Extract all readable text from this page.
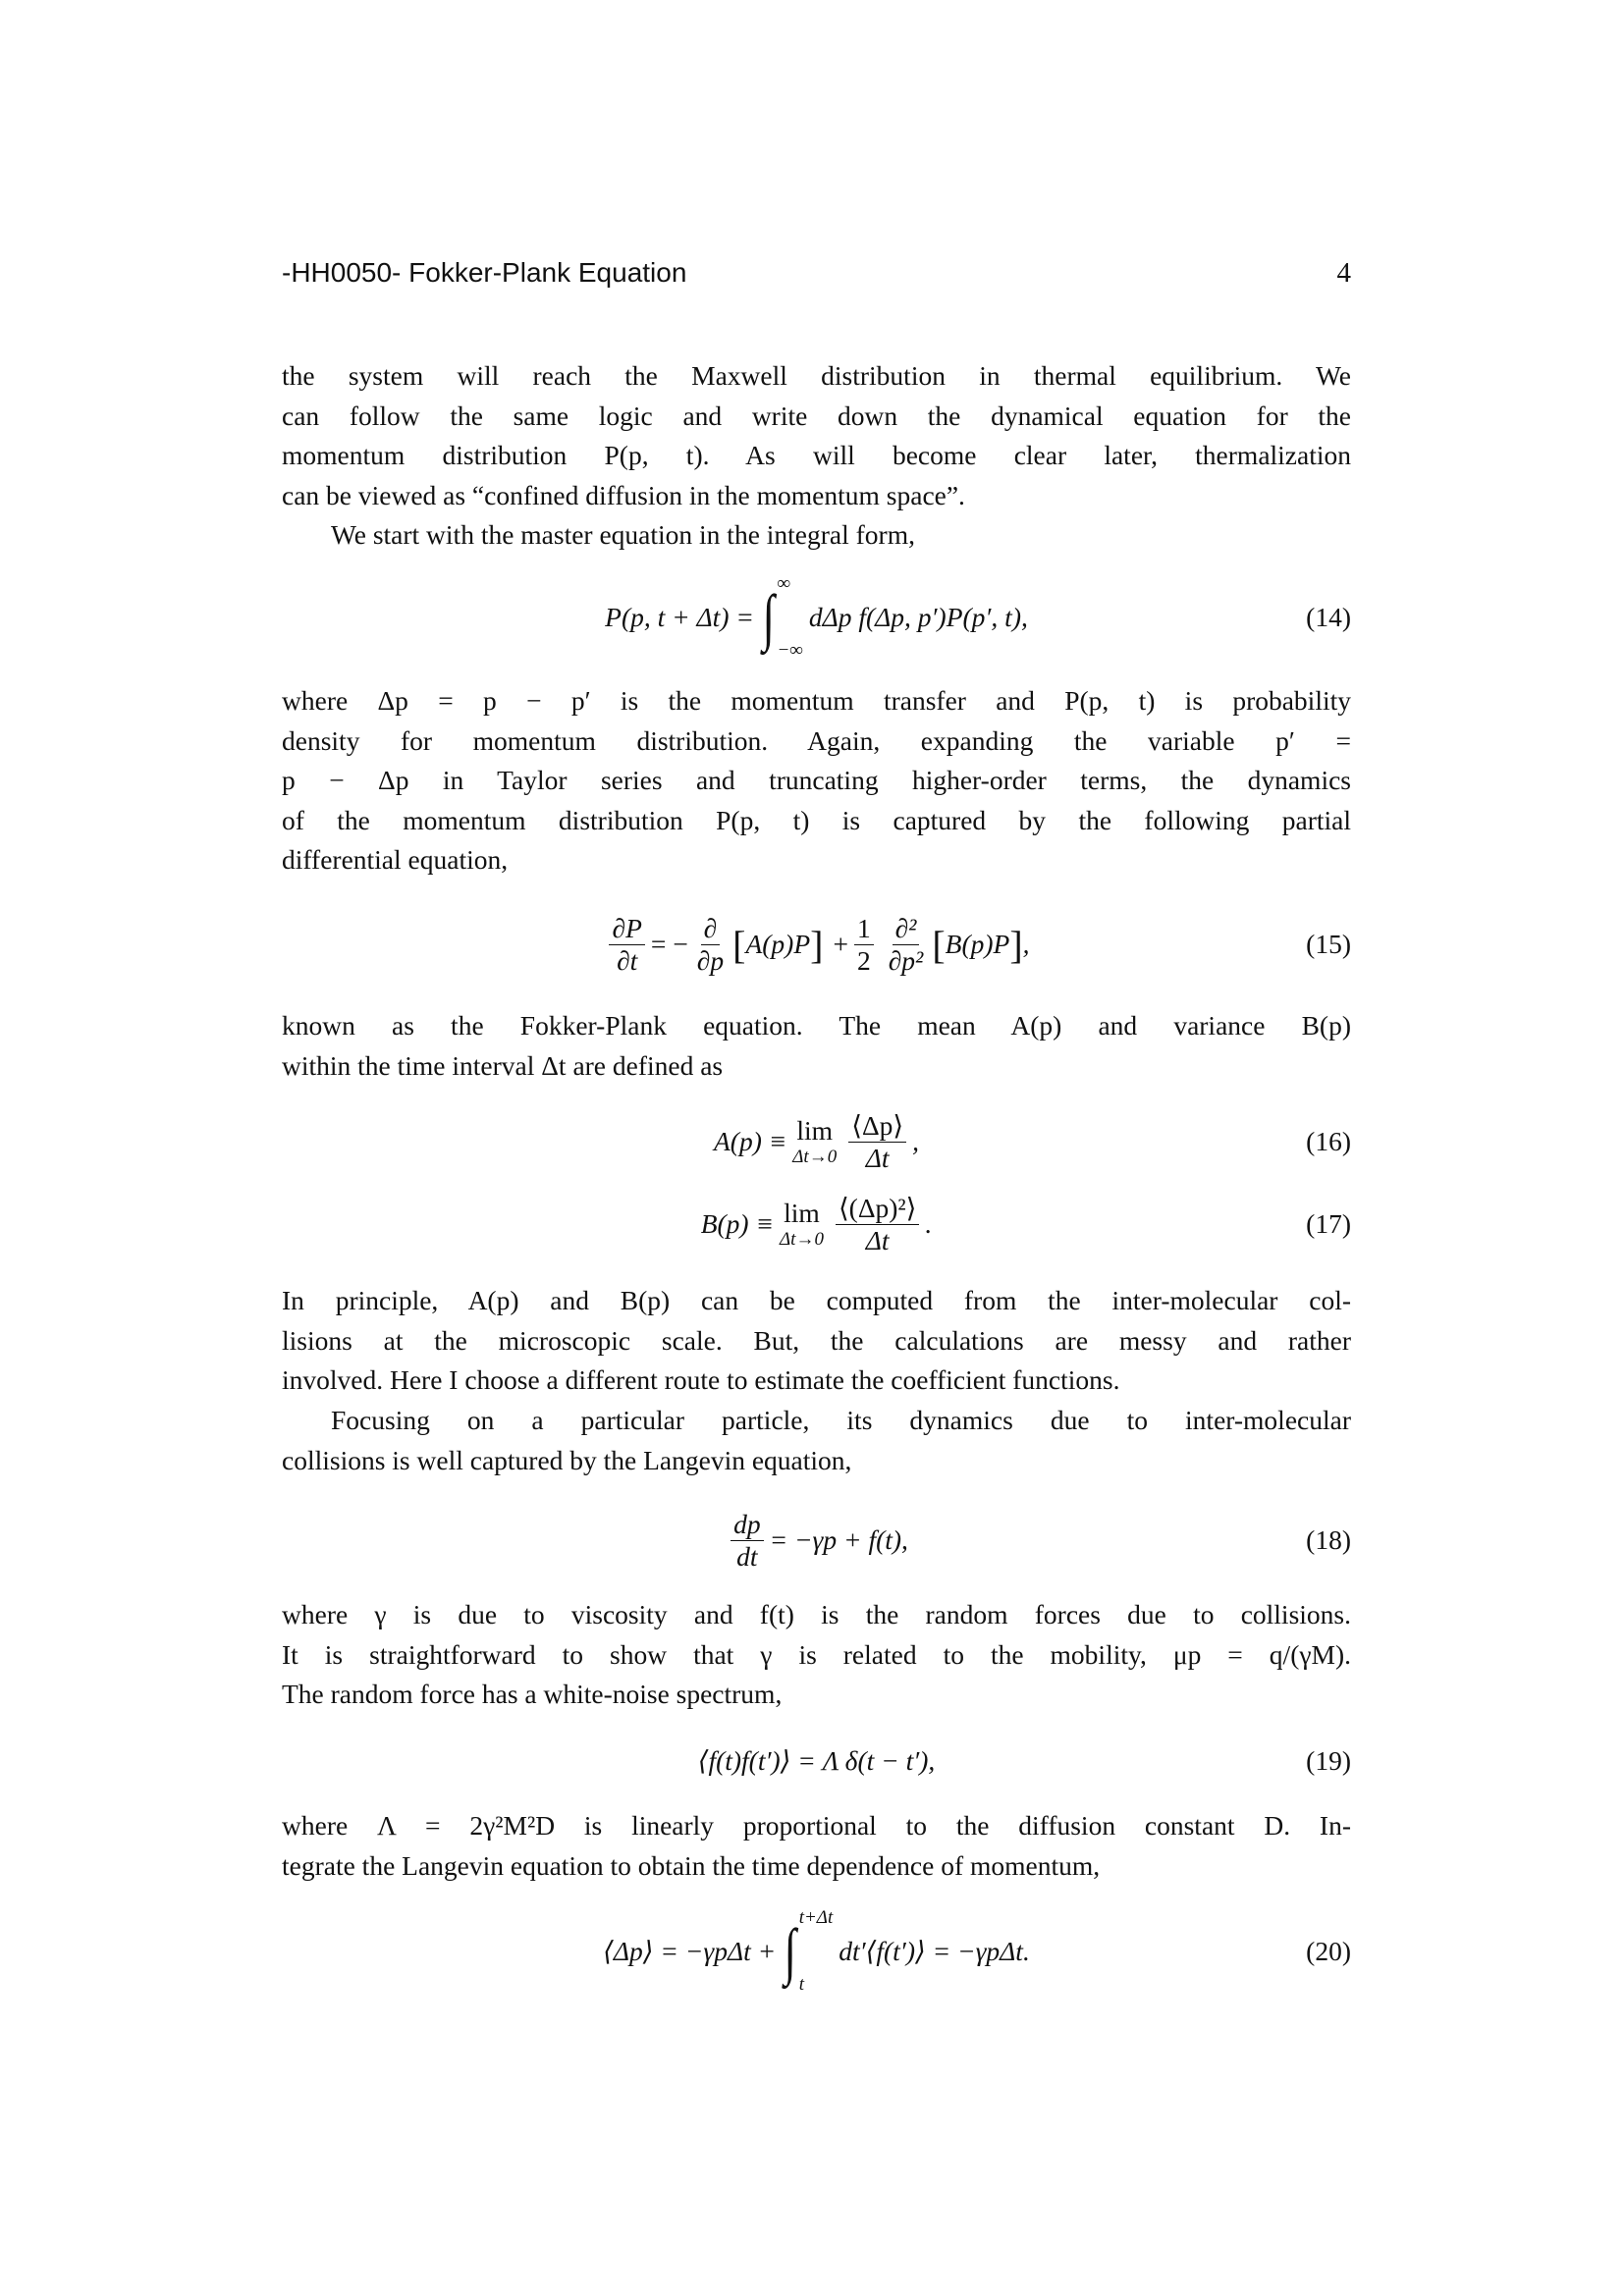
-HH0050- Fokker-Plank Equation	4
the system will reach the Maxwell distribution in thermal equilibrium. We
can follow the same logic and write down the dynamical equation for the
momentum distribution P(p, t). As will become clear later, thermalization
can be viewed as “confined diffusion in the momentum space”.
We start with the master equation in the integral form,
P(p, t + Δt) = ∫ ∞
−∞
dΔp f(Δp, p′)P(p′, t),	(14)
where Δp = p − p′ is the momentum transfer and P(p, t) is probability
density for momentum distribution. Again, expanding the variable p′ =
p − Δp in Taylor series and truncating higher-order terms, the dynamics
of the momentum distribution P(p, t) is captured by the following partial
differential equation,
$\frac{\partial P}{\partial t}$ = − $\frac{\partial}{\partial p}$ [ A(p)P ] + $\frac{1}{2} \frac{\text{∂²}}{\text{∂p²}}$ [ B(p)P ] ,	(15)
known as the Fokker-Plank equation. The mean A(p) and variance B(p)
within the time interval Δt are defined as
A(p) ≡ lim
$\Delta t\to 0 \frac{⟨\Delta p⟩}{\Delta t}$ ,	(16)
B(p) ≡ lim
$\Delta t\to 0 \frac{\text{⟨(Δp)²⟩}}{\Delta t}$ .	(17)
In principle, A(p) and B(p) can be computed from the inter-molecular col-
lisions at the microscopic scale. But, the calculations are messy and rather
involved. Here I choose a different route to estimate the coefficient functions.
Focusing on a particular particle, its dynamics due to inter-molecular
collisions is well captured by the Langevin equation,
$\frac{dp}{dt} = -\gamma p + f(t)$,	(18)
where γ is due to viscosity and f(t) is the random forces due to collisions.
It is straightforward to show that γ is related to the mobility, μp = q/(γM).
The random force has a white-noise spectrum,
⟨f(t)f(t′)⟩ = Λ δ(t − t′),	(19)
where Λ = 2γ²M²D is linearly proportional to the diffusion constant D. In-
tegrate the Langevin equation to obtain the time dependence of momentum,
⟨Δp⟩ = −γpΔt + ∫ t+Δt
t
dt′⟨f(t′)⟩ = −γpΔt.	(20)
